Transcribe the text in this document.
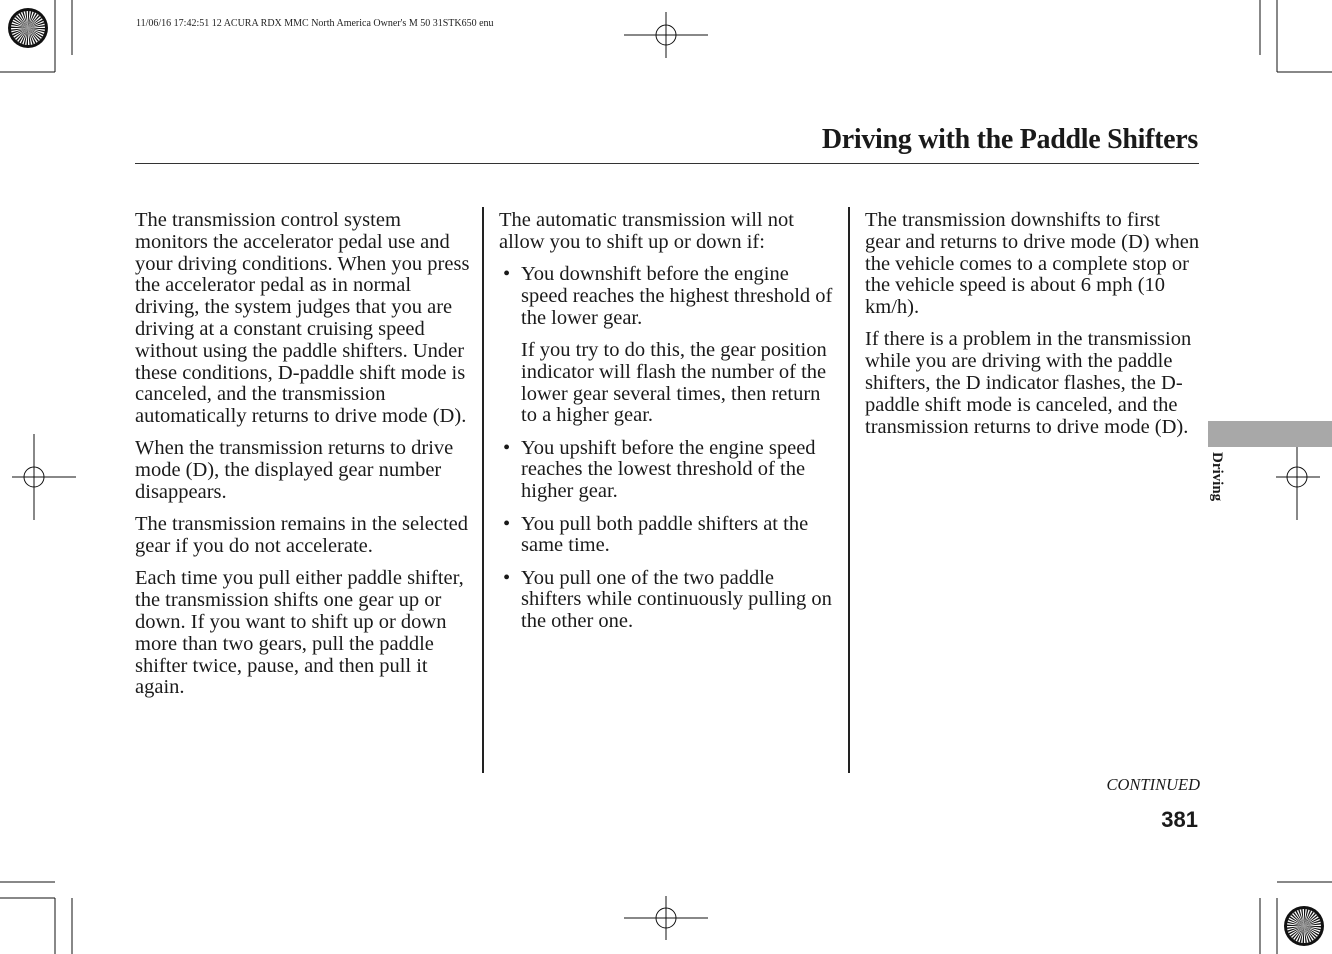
11/06/16 17:42:51 12 ACURA RDX MMC North America Owner's M 50 31STK650 enu
Driving with the Paddle Shifters

The transmission control system monitors the accelerator pedal use and your driving conditions. When you press the accelerator pedal as in normal driving, the system judges that you are driving at a constant cruising speed without using the paddle shifters. Under these conditions, D-paddle shift mode is canceled, and the transmission automatically returns to drive mode (D).

When the transmission returns to drive mode (D), the displayed gear number disappears.

The transmission remains in the selected gear if you do not accelerate.

Each time you pull either paddle shifter, the transmission shifts one gear up or down. If you want to shift up or down more than two gears, pull the paddle shifter twice, pause, and then pull it again.

The automatic transmission will not allow you to shift up or down if:

• You downshift before the engine speed reaches the highest threshold of the lower gear.

If you try to do this, the gear position indicator will flash the number of the lower gear several times, then return to a higher gear.

• You upshift before the engine speed reaches the lowest threshold of the higher gear.
• You pull both paddle shifters at the same time.
• You pull one of the two paddle shifters while continuously pulling on the other one.

The transmission downshifts to first gear and returns to drive mode (D) when the vehicle comes to a complete stop or the vehicle speed is about 6 mph (10 km/h).

If there is a problem in the transmission while you are driving with the paddle shifters, the D indicator flashes, the D-paddle shift mode is canceled, and the transmission returns to drive mode (D).

Driving
CONTINUED
381
